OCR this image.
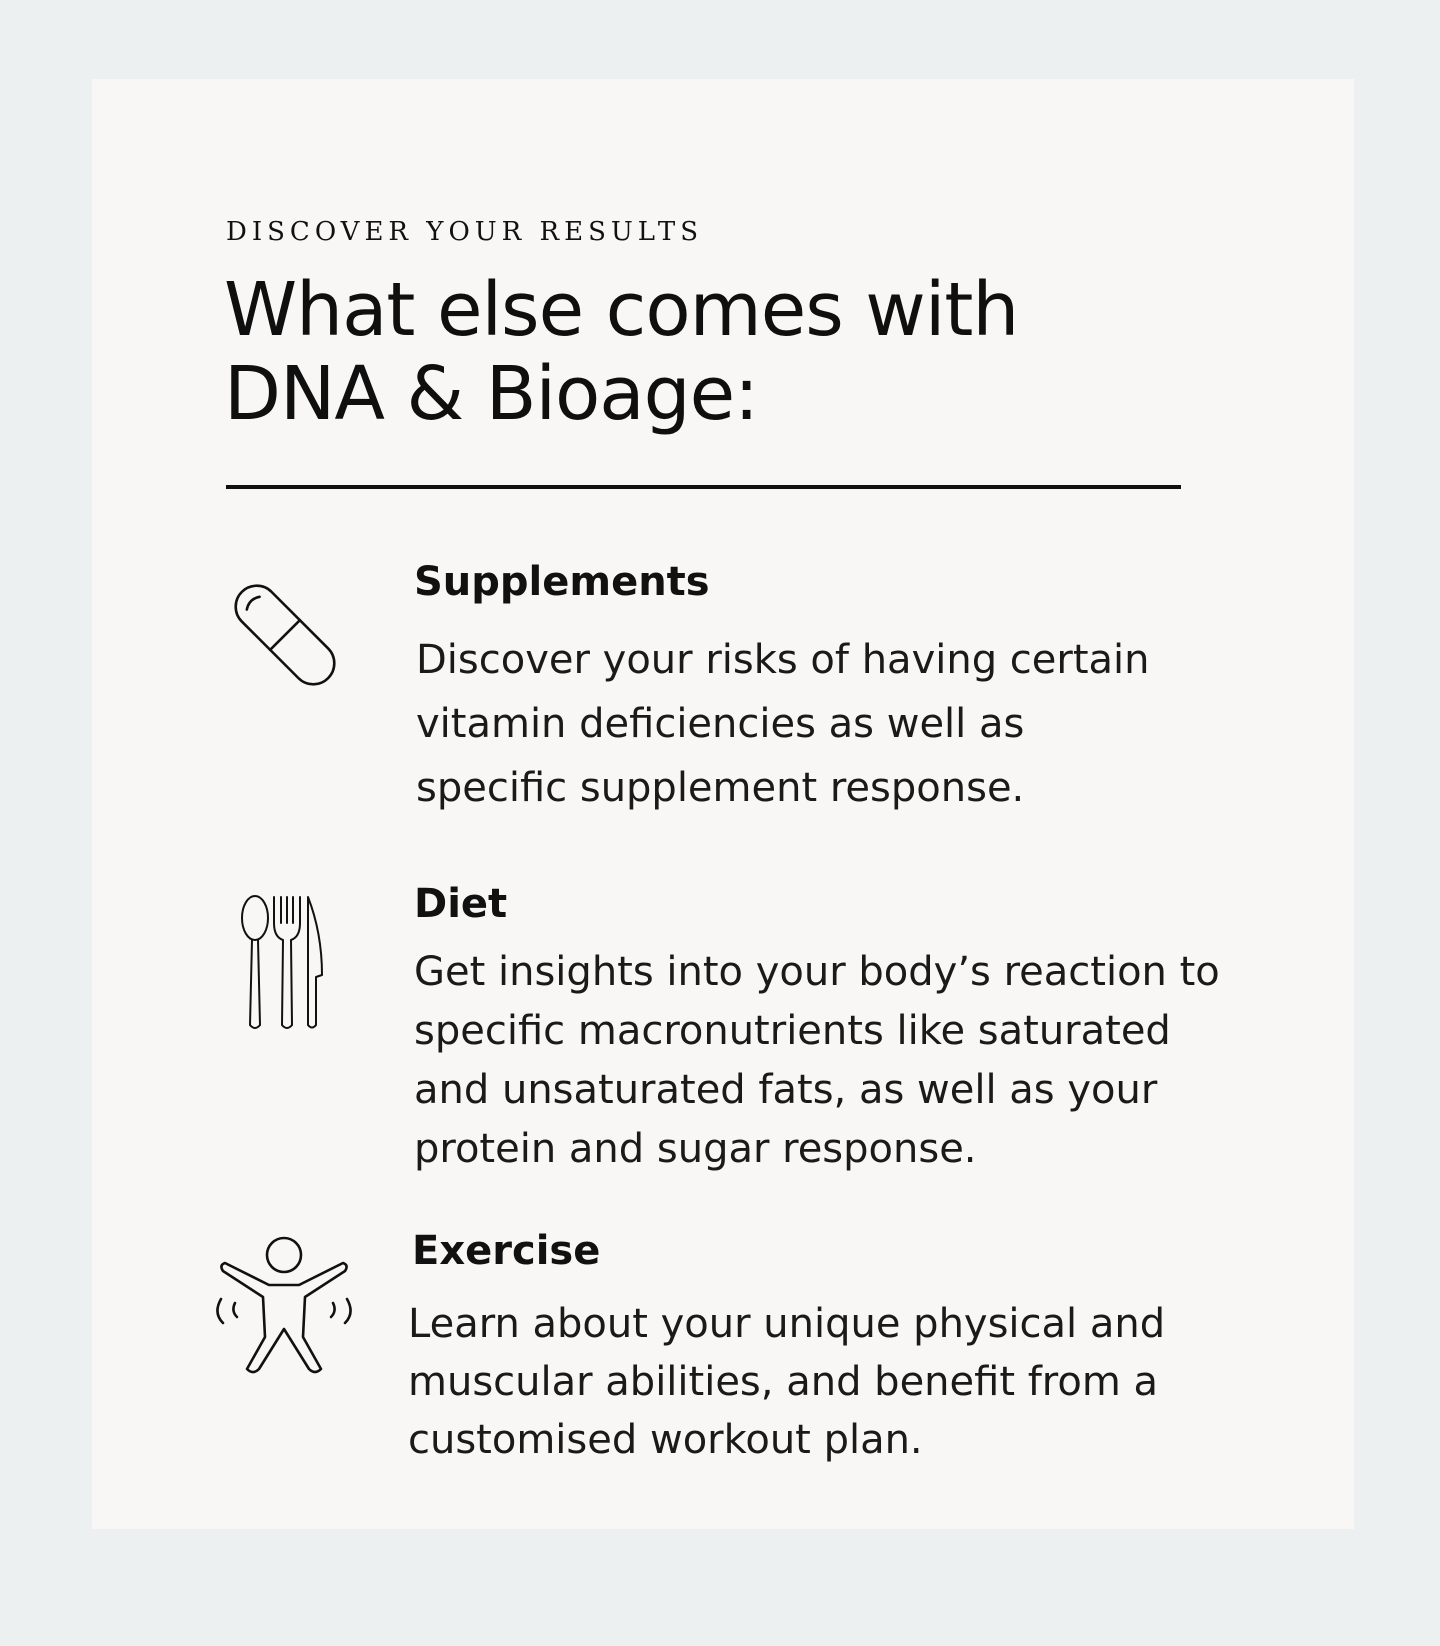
DISCOVER YOUR RESULTS

What else comes with
DNA & Bioage:
Supplements

Discover your risks of having certain
vitamin deficiencies as well as
specific supplement response.

Diet

Get insights into your body’s reaction to
specific macronutrients like saturated
and unsaturated fats, as well as your
protein and sugar response.

Exercise

Learn about your unique physical and
muscular abilities, and benefit from a
customised workout plan.
